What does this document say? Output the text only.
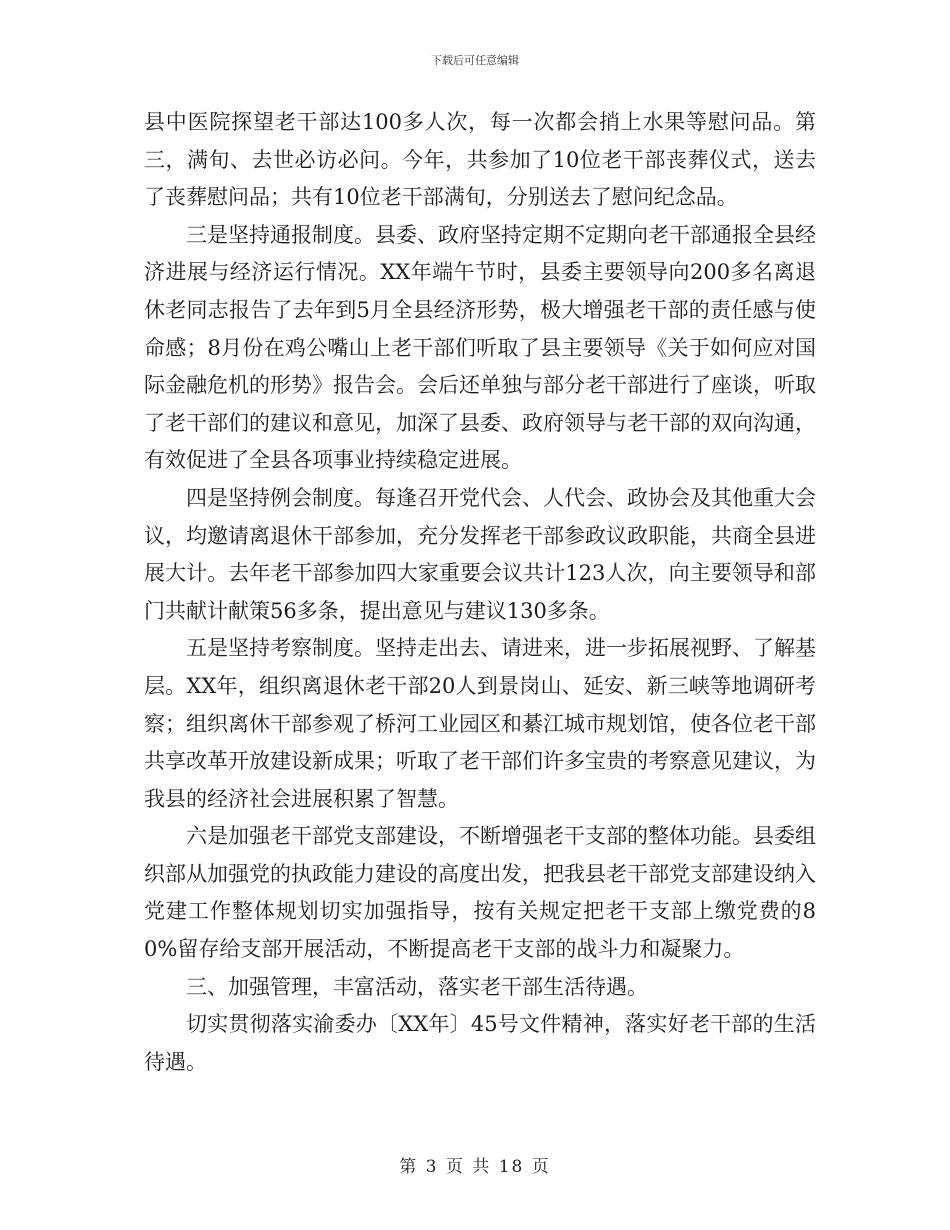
下载后可任意编辑

县中医院探望老干部达100多人次，每一次都会捎上水果等慰问品。第三，满旬、去世必访必问。今年，共参加了10位老干部丧葬仪式，送去了丧葬慰问品；共有10位老干部满旬，分别送去了慰问纪念品。

三是坚持通报制度。县委、政府坚持定期不定期向老干部通报全县经济进展与经济运行情况。XX年端午节时，县委主要领导向200多名离退休老同志报告了去年到5月全县经济形势，极大增强老干部的责任感与使命感；8月份在鸡公嘴山上老干部们听取了县主要领导《关于如何应对国际金融危机的形势》报告会。会后还单独与部分老干部进行了座谈，听取了老干部们的建议和意见，加深了县委、政府领导与老干部的双向沟通，有效促进了全县各项事业持续稳定进展。

四是坚持例会制度。每逢召开党代会、人代会、政协会及其他重大会议，均邀请离退休干部参加，充分发挥老干部参政议政职能，共商全县进展大计。去年老干部参加四大家重要会议共计123人次，向主要领导和部门共献计献策56多条，提出意见与建议130多条。

五是坚持考察制度。坚持走出去、请进来，进一步拓展视野、了解基层。XX年，组织离退休老干部20人到景岗山、延安、新三峡等地调研考察；组织离休干部参观了桥河工业园区和綦江城市规划馆，使各位老干部共享改革开放建设新成果；听取了老干部们许多宝贵的考察意见建议，为我县的经济社会进展积累了智慧。

六是加强老干部党支部建设，不断增强老干支部的整体功能。县委组织部从加强党的执政能力建设的高度出发，把我县老干部党支部建设纳入党建工作整体规划切实加强指导，按有关规定把老干支部上缴党费的80%留存给支部开展活动，不断提高老干支部的战斗力和凝聚力。

三、加强管理，丰富活动，落实老干部生活待遇。

切实贯彻落实渝委办〔XX年〕45号文件精神，落实好老干部的生活待遇。

第 3 页 共 18 页
